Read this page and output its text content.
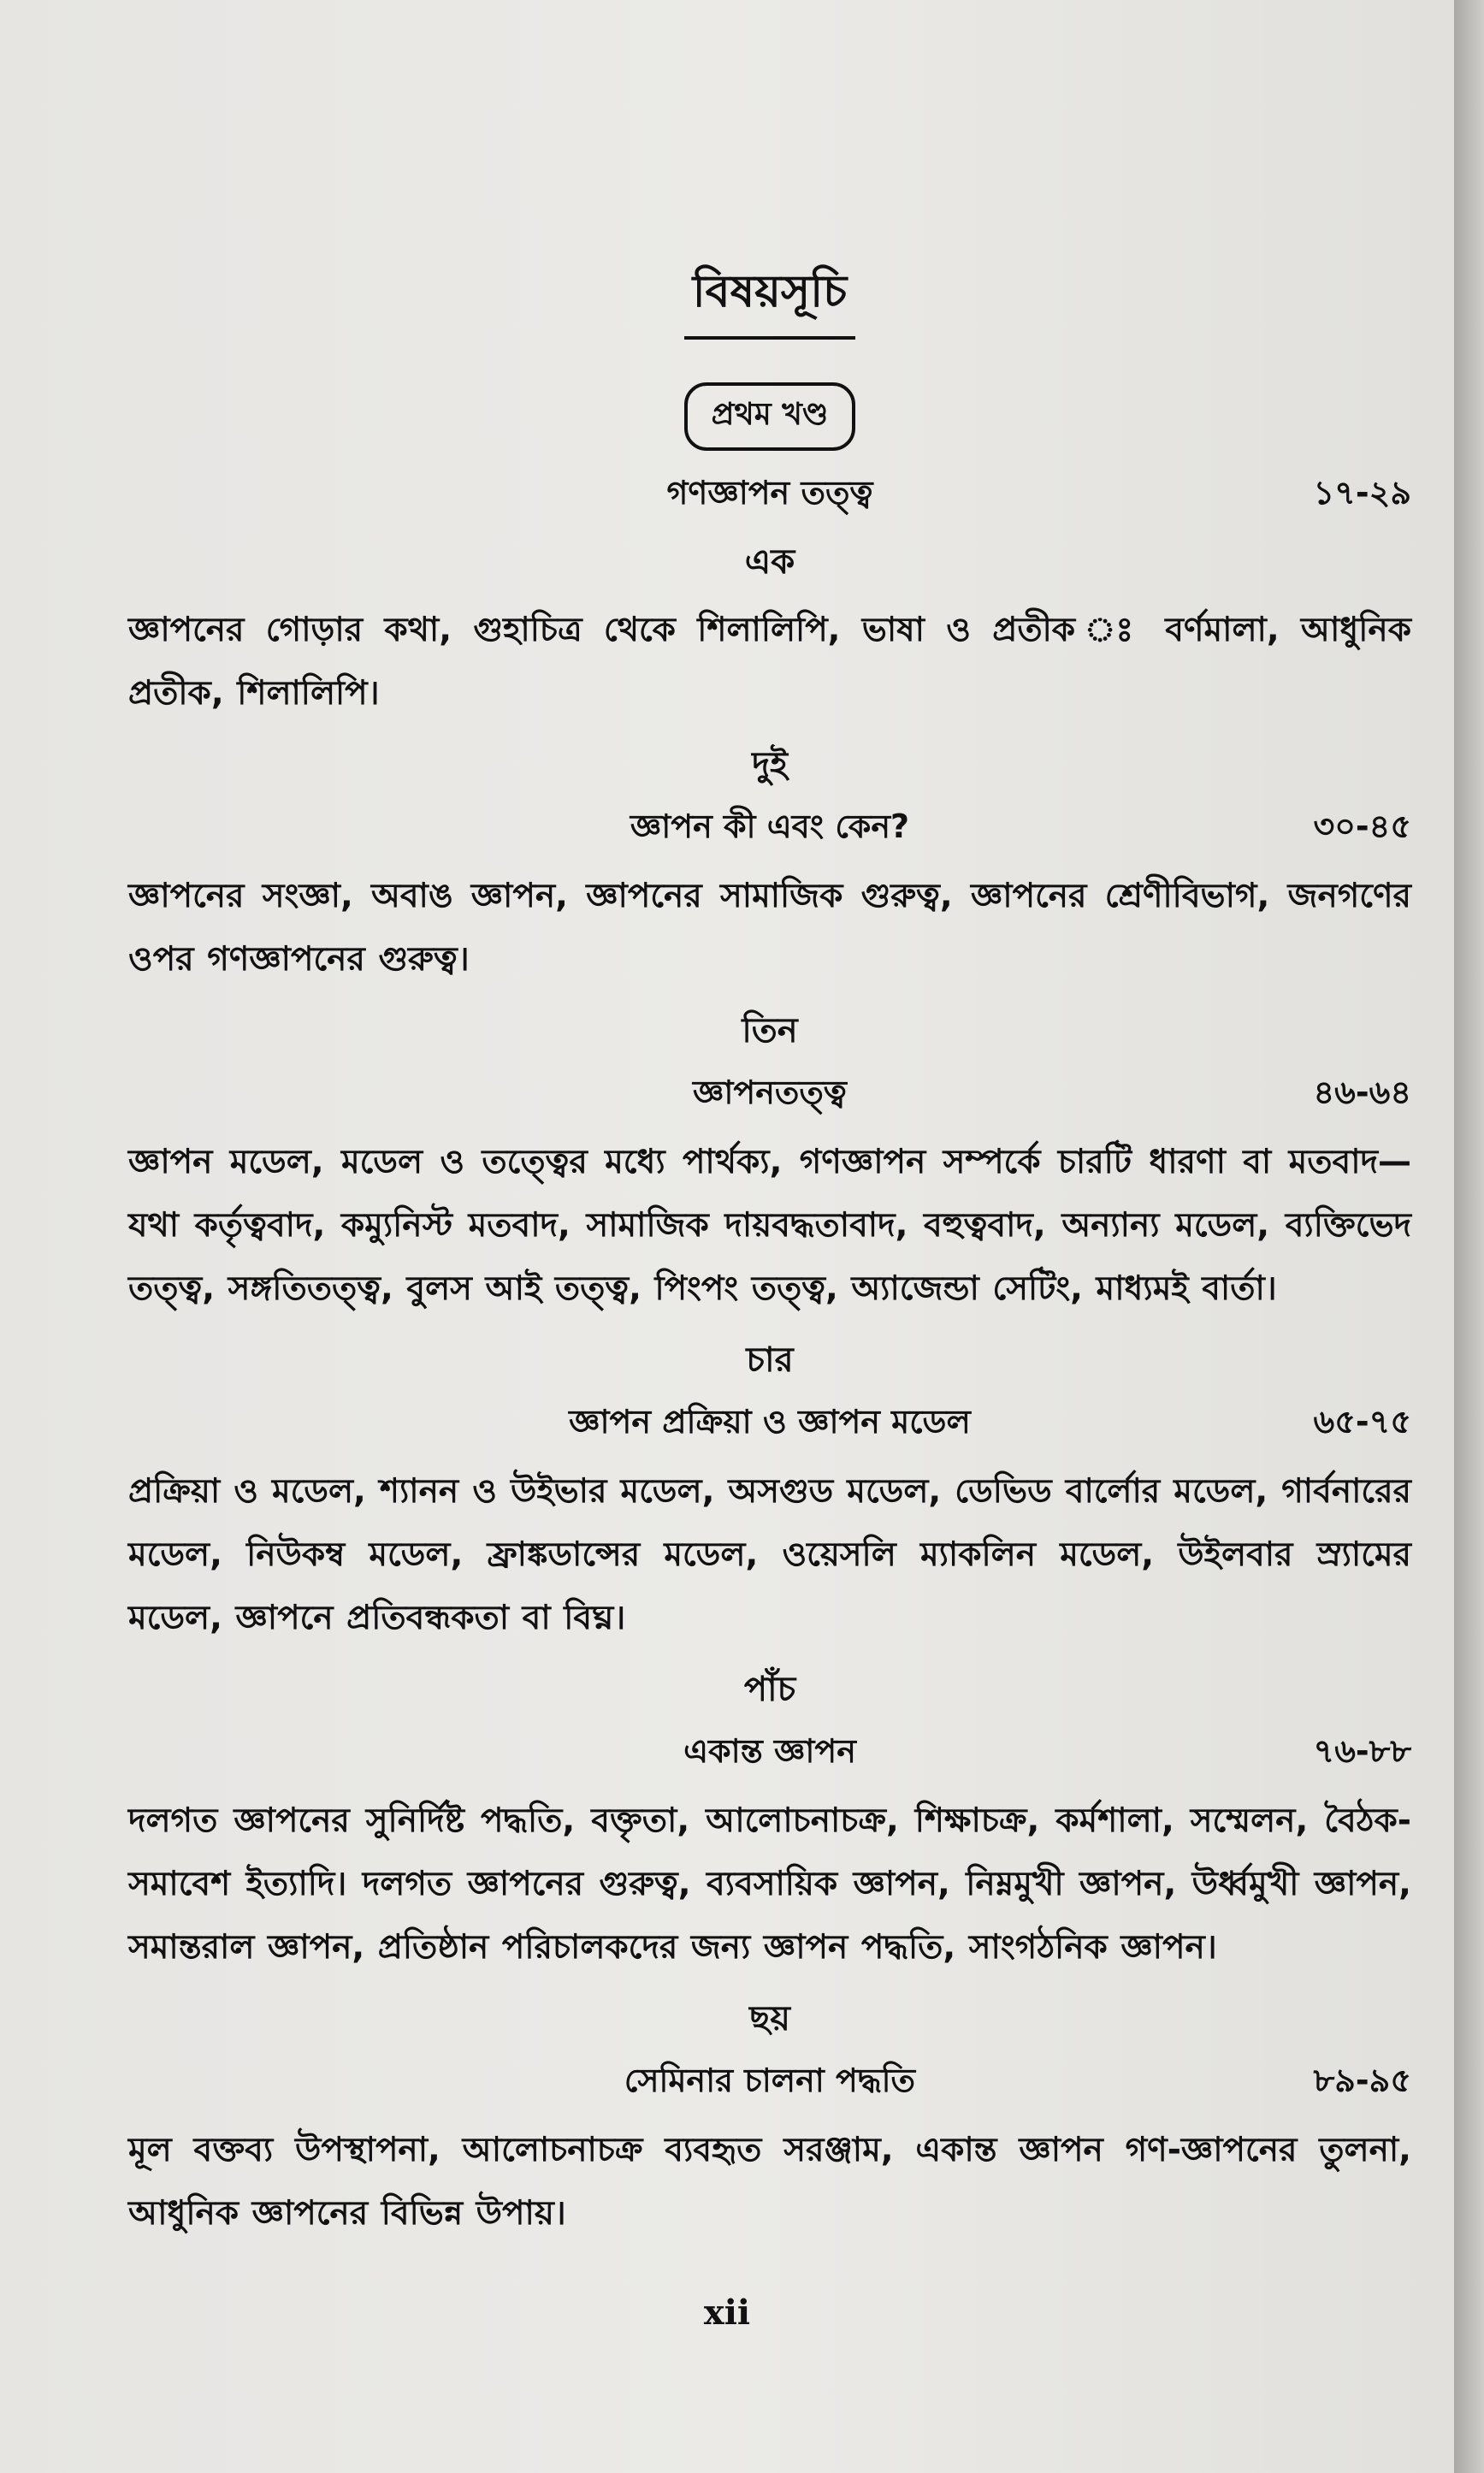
বিষয়সূচি
প্রথম খণ্ড
গণজ্ঞাপন তত্ত্ব	১৭-২৯
এক

জ্ঞাপনের গোড়ার কথা, গুহাচিত্র থেকে শিলালিপি, ভাষা ও প্রতীক ঃ বর্ণমালা, আধুনিক প্রতীক, শিলালিপি।

দুই
জ্ঞাপন কী এবং কেন?	৩০-৪৫

জ্ঞাপনের সংজ্ঞা, অবাঙ জ্ঞাপন, জ্ঞাপনের সামাজিক গুরুত্ব, জ্ঞাপনের শ্রেণীবিভাগ, জনগণের ওপর গণজ্ঞাপনের গুরুত্ব।

তিন
জ্ঞাপনতত্ত্ব	৪৬-৬৪

জ্ঞাপন মডেল, মডেল ও তত্ত্বের মধ্যে পার্থক্য, গণজ্ঞাপন সম্পর্কে চারটি ধারণা বা মতবাদ—যথা কর্তৃত্ববাদ, কম্যুনিস্ট মতবাদ, সামাজিক দায়বদ্ধতাবাদ, বহুত্ববাদ, অন্যান্য মডেল, ব্যক্তিভেদ তত্ত্ব, সঙ্গতিতত্ত্ব, বুলস আই তত্ত্ব, পিংপং তত্ত্ব, অ্যাজেন্ডা সেটিং, মাধ্যমই বার্তা।

চার
জ্ঞাপন প্রক্রিয়া ও জ্ঞাপন মডেল	৬৫-৭৫

প্রক্রিয়া ও মডেল, শ্যানন ও উইভার মডেল, অসগুড মডেল, ডেভিড বার্লোর মডেল, গার্বনারের মডেল, নিউকম্ব মডেল, ফ্রাঙ্কডান্সের মডেল, ওয়েসলি ম্যাকলিন মডেল, উইলবার স্র্যামের মডেল, জ্ঞাপনে প্রতিবন্ধকতা বা বিঘ্ন।

পাঁচ
একান্ত জ্ঞাপন	৭৬-৮৮

দলগত জ্ঞাপনের সুনির্দিষ্ট পদ্ধতি, বক্তৃতা, আলোচনাচক্র, শিক্ষাচক্র, কর্মশালা, সম্মেলন, বৈঠক-সমাবেশ ইত্যাদি। দলগত জ্ঞাপনের গুরুত্ব, ব্যবসায়িক জ্ঞাপন, নিম্নমুখী জ্ঞাপন, উর্ধ্বমুখী জ্ঞাপন, সমান্তরাল জ্ঞাপন, প্রতিষ্ঠান পরিচালকদের জন্য জ্ঞাপন পদ্ধতি, সাংগঠনিক জ্ঞাপন।

ছয়
সেমিনার চালনা পদ্ধতি	৮৯-৯৫

মূল বক্তব্য উপস্থাপনা, আলোচনাচক্র ব্যবহৃত সরঞ্জাম, একান্ত জ্ঞাপন গণ-জ্ঞাপনের তুলনা, আধুনিক জ্ঞাপনের বিভিন্ন উপায়।

xii
